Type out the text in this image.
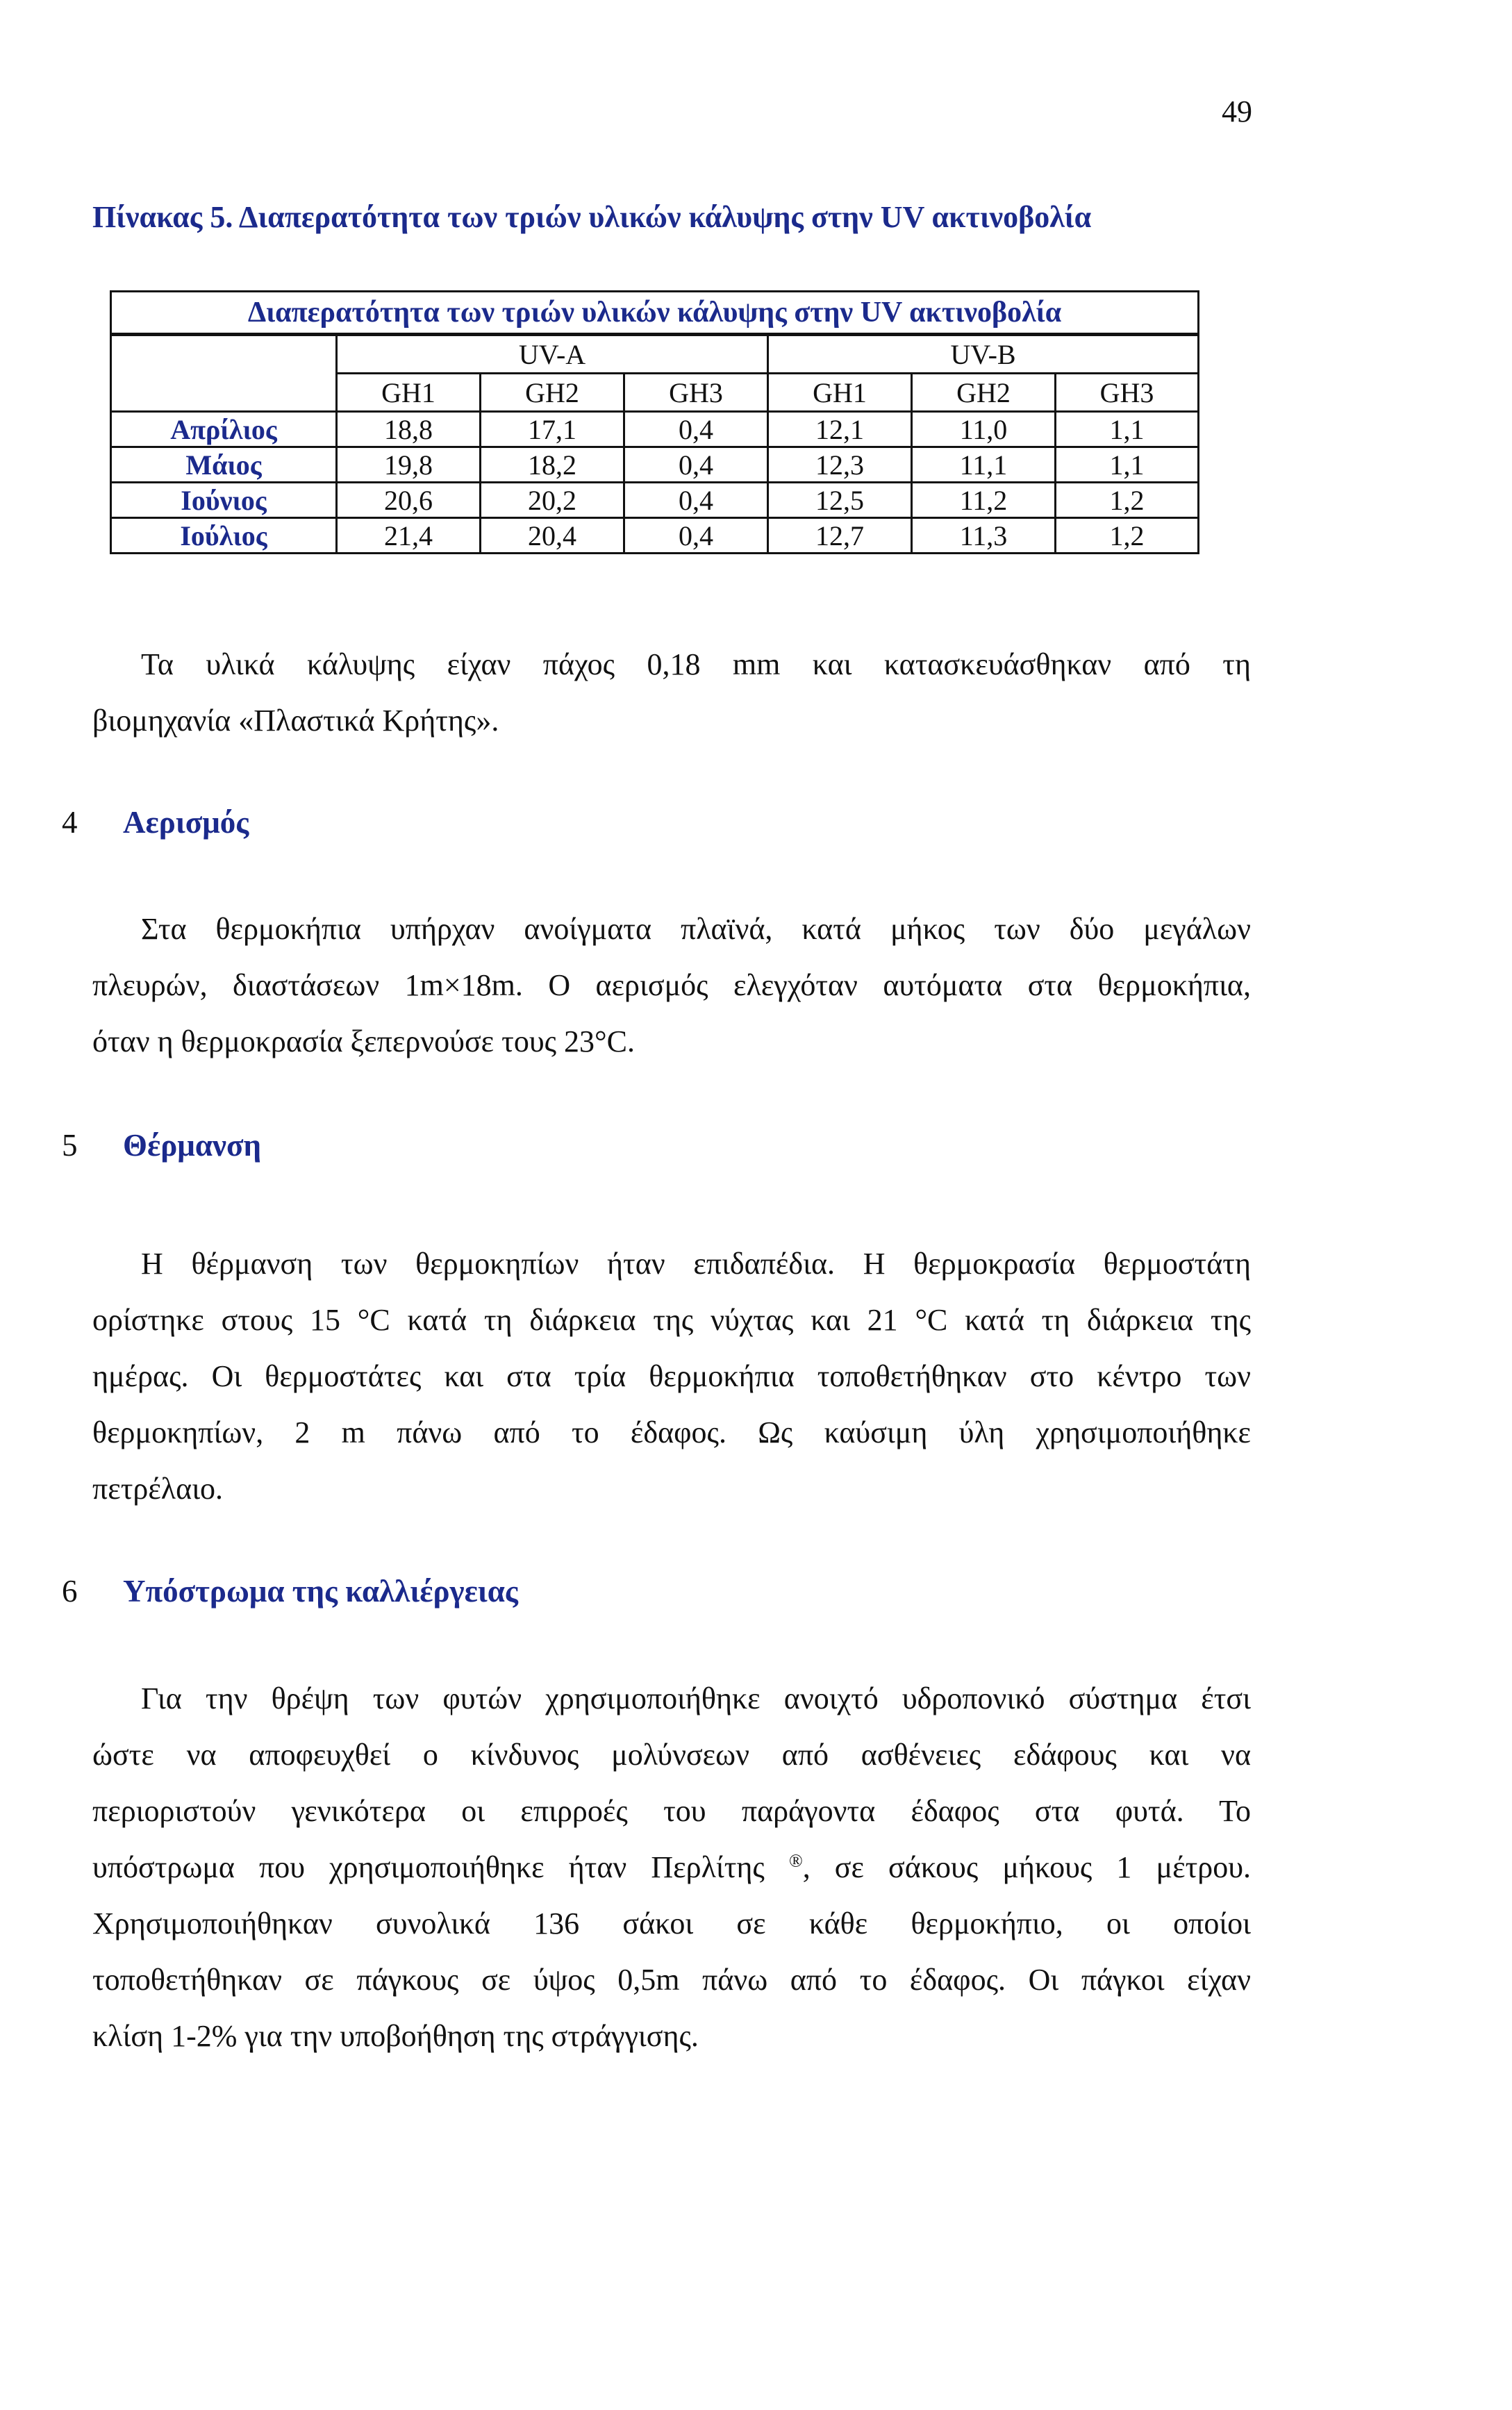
49
Πίνακας 5. Διαπερατότητα των τριών υλικών κάλυψης στην UV ακτινοβολία
Διαπερατότητα των τριών υλικών κάλυψης στην UV ακτινοβολία						
	UV-A			UV-B		
	GH1	GH2	GH3	GH1	GH2	GH3
Απρίλιος	18,8	17,1	0,4	12,1	11,0	1,1
Μάιος	19,8	18,2	0,4	12,3	11,1	1,1
Ιούνιος	20,6	20,2	0,4	12,5	11,2	1,2
Ιούλιος	21,4	20,4	0,4	12,7	11,3	1,2
Τα υλικά κάλυψης είχαν πάχος 0,18 mm και κατασκευάσθηκαν από τη
βιομηχανία «Πλαστικά Κρήτης».
4 Αερισμός
Στα θερμοκήπια υπήρχαν ανοίγματα πλαϊνά, κατά μήκος των δύο μεγάλων
πλευρών, διαστάσεων 1m×18m. Ο αερισμός ελεγχόταν αυτόματα στα θερμοκήπια,
όταν η θερμοκρασία ξεπερνούσε τους 23°C.
5 Θέρμανση
Η θέρμανση των θερμοκηπίων ήταν επιδαπέδια. Η θερμοκρασία θερμοστάτη
ορίστηκε στους 15 °C κατά τη διάρκεια της νύχτας και 21 °C κατά τη διάρκεια της
ημέρας. Οι θερμοστάτες και στα τρία θερμοκήπια τοποθετήθηκαν στο κέντρο των
θερμοκηπίων, 2 m πάνω από το έδαφος. Ως καύσιμη ύλη χρησιμοποιήθηκε
πετρέλαιο.
6 Υπόστρωμα της καλλιέργειας
Για την θρέψη των φυτών χρησιμοποιήθηκε ανοιχτό υδροπονικό σύστημα έτσι
ώστε να αποφευχθεί ο κίνδυνος μολύνσεων από ασθένειες εδάφους και να
περιοριστούν γενικότερα οι επιρροές του παράγοντα έδαφος στα φυτά. Το
υπόστρωμα που χρησιμοποιήθηκε ήταν Περλίτης ®, σε σάκους μήκους 1 μέτρου.
Χρησιμοποιήθηκαν συνολικά 136 σάκοι σε κάθε θερμοκήπιο, οι οποίοι
τοποθετήθηκαν σε πάγκους σε ύψος 0,5m πάνω από το έδαφος. Οι πάγκοι είχαν
κλίση 1-2% για την υποβοήθηση της στράγγισης.
